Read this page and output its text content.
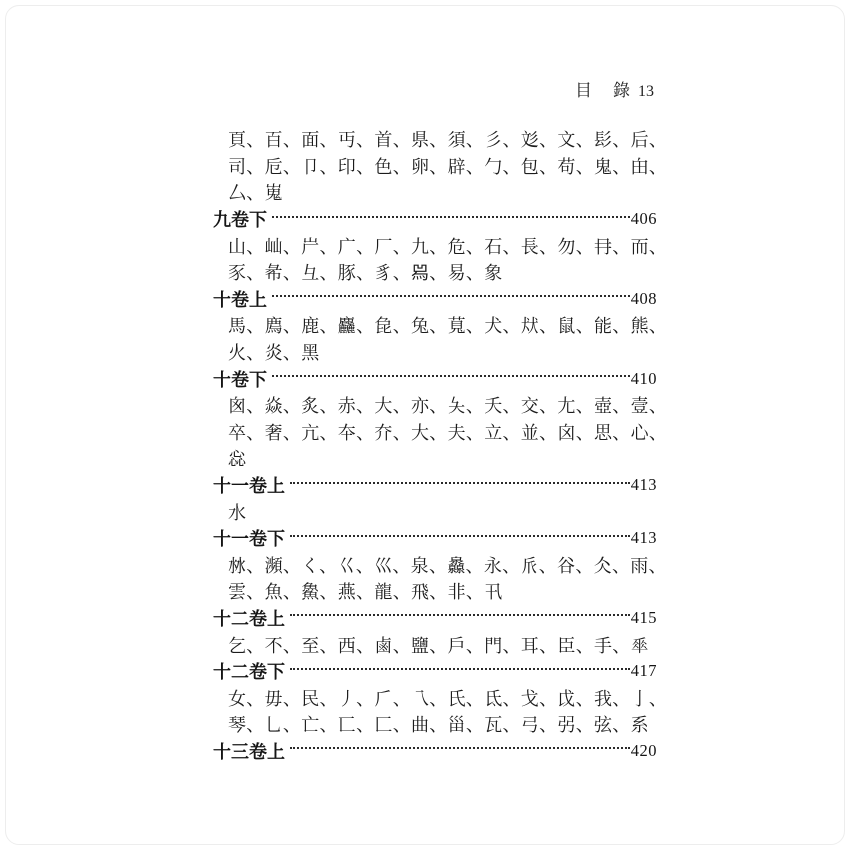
目　錄 13
頁、百、面、丏、首、県、須、彡、彣、文、髟、后、
司、卮、卩、印、色、卵、辟、勹、包、苟、鬼、甶、
厶、嵬
九卷下	406
山、屾、屵、广、厂、九、危、石、長、勿、冄、而、
豕、㣇、彑、豚、豸、𤉡、易、象
十卷上	408
馬、廌、鹿、麤、㲋、兔、萈、犬、㹜、鼠、能、熊、
火、炎、黑
十卷下	410
囪、焱、炙、赤、大、亦、夨、夭、交、尢、壺、壹、
卒、奢、亢、夲、夰、大、夫、立、並、囟、思、心、
惢
十一卷上	413
水
十一卷下	413
沝、瀕、く、巜、巛、泉、灥、永、𠂢、谷、仌、雨、
雲、魚、𩺰、燕、龍、飛、非、卂
十二卷上	415
乞、不、至、西、鹵、鹽、戶、門、耳、臣、手、𠦬
十二卷下	417
女、毋、民、丿、𠂆、乁、氏、氐、戈、戉、我、亅、
琴、乚、亡、匸、匚、曲、甾、瓦、弓、弜、弦、系
十三卷上	420
